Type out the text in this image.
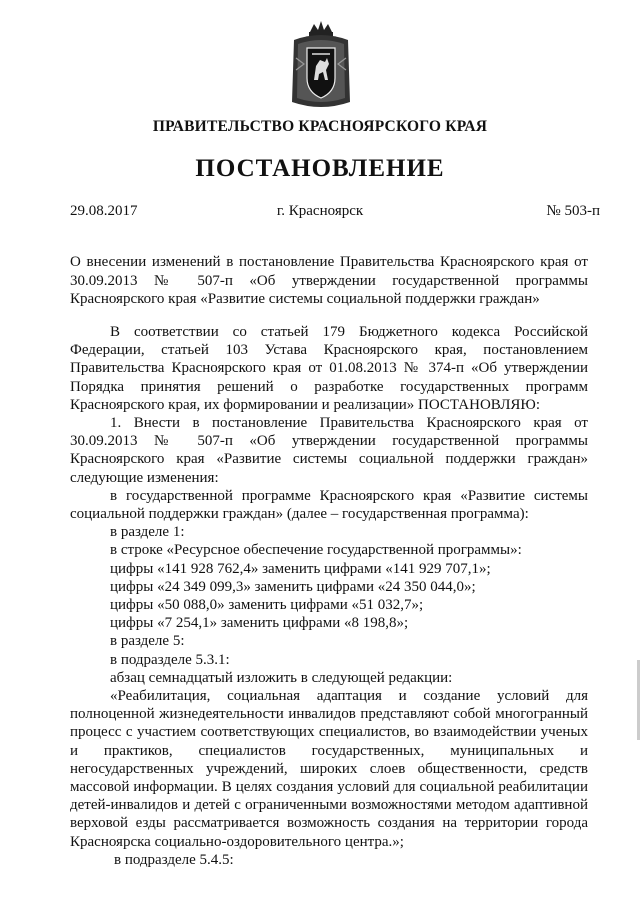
ПРАВИТЕЛЬСТВО КРАСНОЯРСКОГО КРАЯ
ПОСТАНОВЛЕНИЕ
29.08.2017	г. Красноярск	№ 503-п
О внесении изменений в постановление Правительства Красноярского края от 30.09.2013 № 507-п «Об утверждении государственной программы Красноярского края «Развитие системы социальной поддержки граждан»

В соответствии со статьей 179 Бюджетного кодекса Российской Федерации, статьей 103 Устава Красноярского края, постановлением Правительства Красноярского края от 01.08.2013 № 374-п «Об утверждении Порядка принятия решений о разработке государственных программ Красноярского края, их формировании и реализации» ПОСТАНОВЛЯЮ:

1. Внести в постановление Правительства Красноярского края от 30.09.2013 № 507-п «Об утверждении государственной программы Красноярского края «Развитие системы социальной поддержки граждан» следующие изменения:

в государственной программе Красноярского края «Развитие системы социальной поддержки граждан» (далее – государственная программа):

в разделе 1:

в строке «Ресурсное обеспечение государственной программы»:

цифры «141 928 762,4» заменить цифрами «141 929 707,1»;

цифры «24 349 099,3» заменить цифрами «24 350 044,0»;

цифры «50 088,0» заменить цифрами «51 032,7»;

цифры «7 254,1» заменить цифрами «8 198,8»;

в разделе 5:

в подразделе 5.3.1:

абзац семнадцатый изложить в следующей редакции:

«Реабилитация, социальная адаптация и создание условий для полноценной жизнедеятельности инвалидов представляют собой многогранный процесс с участием соответствующих специалистов, во взаимодействии ученых и практиков, специалистов государственных, муниципальных и негосударственных учреждений, широких слоев общественности, средств массовой информации. В целях создания условий для социальной реабилитации детей-инвалидов и детей с ограниченными возможностями методом адаптивной верховой езды рассматривается возможность создания на территории города Красноярска социально-оздоровительного центра.»;

в подразделе 5.4.5:
